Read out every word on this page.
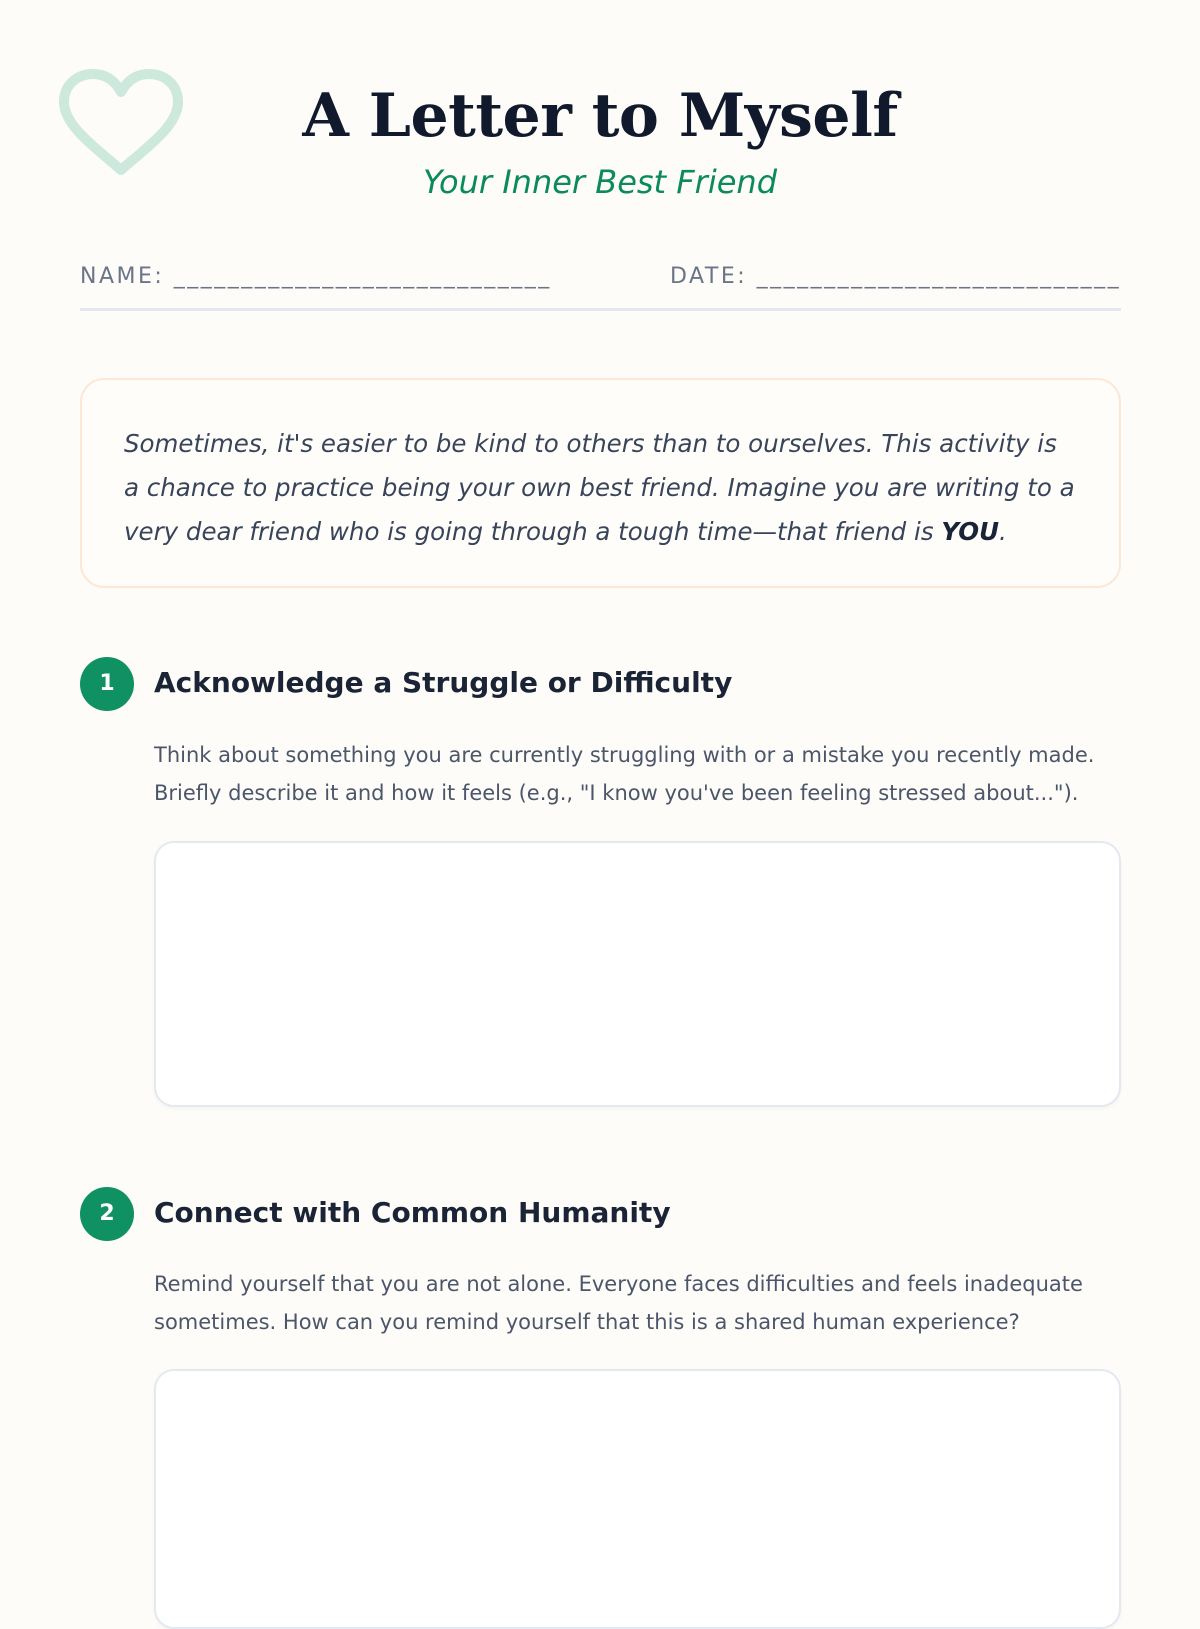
A Letter to Myself
Your Inner Best Friend
NAME: ____________________________	DATE: ___________________________

Sometimes, it's easier to be kind to others than to ourselves. This activity is a chance to practice being your own best friend. Imagine you are writing to a very dear friend who is going through a tough time—that friend is YOU.

1	Acknowledge a Struggle or Difficulty

Think about something you are currently struggling with or a mistake you recently made. Briefly describe it and how it feels (e.g., "I know you've been feeling stressed about...").

2	Connect with Common Humanity

Remind yourself that you are not alone. Everyone faces difficulties and feels inadequate sometimes. How can you remind yourself that this is a shared human experience?
